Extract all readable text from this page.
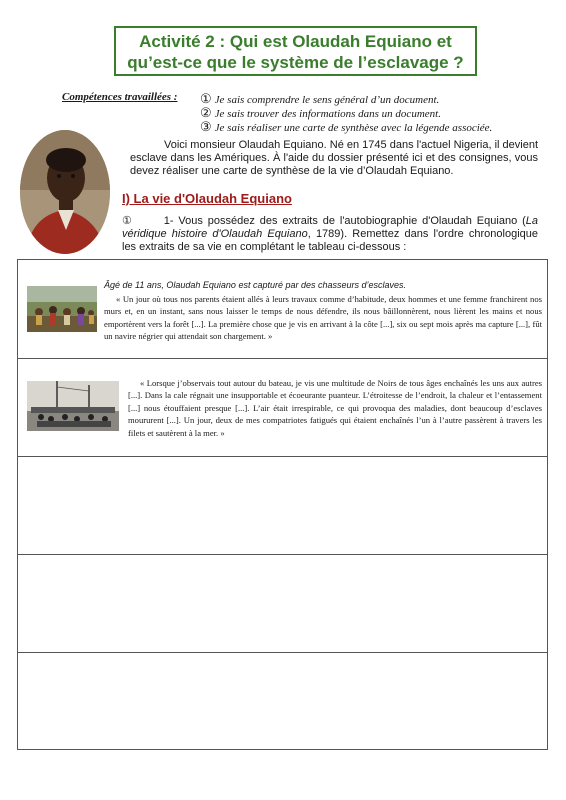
Activité 2 : Qui est Olaudah Equiano et
qu’est-ce que le système de l’esclavage ?
Compétences travaillées : ① Je sais comprendre le sens général d’un document.
② Je sais trouver des informations dans un document.
③ Je sais réaliser une carte de synthèse avec la légende associée.
Voici monsieur Olaudah Equiano. Né en 1745 dans l'actuel Nigeria, il devient esclave dans les Amériques. À l'aide du dossier présenté ici et des consignes, vous devez réaliser une carte de synthèse de la vie d’Olaudah Equiano.
I) La vie d'Olaudah Equiano
①	1- Vous possédez des extraits de l'autobiographie d'Olaudah Equiano (La véridique histoire d'Olaudah Equiano, 1789). Remettez dans l'ordre chronologique les extraits de sa vie en complétant le tableau ci-dessous :
Âgé de 11 ans, Olaudah Equiano est capturé par des chasseurs d’esclaves.
« Un jour où tous nos parents étaient allés à leurs travaux comme d’habitude, deux hommes et une femme franchirent nos murs et, en un instant, sans nous laisser le temps de nous défendre, ils nous bâillonnèrent, nous lièrent les mains et nous emportèrent vers la forêt [...]. La première chose que je vis en arrivant à la côte [...], six ou sept mois après ma capture [...], fût un navire négrier qui attendait son chargement. »
« Lorsque j’observais tout autour du bateau, je vis une multitude de Noirs de tous âges enchaînés les uns aux autres [...]. Dans la cale régnait une insupportable et écoeurante puanteur. L’étroitesse de l’endroit, la chaleur et l’entassement [...] nous étouffaient presque [...]. L’air était irrespirable, ce qui provoqua des maladies, dont beaucoup d’esclaves moururent [...]. Un jour, deux de mes compatriotes fatigués qui étaient enchaînés l’un à l’autre passèrent à travers les filets et sautèrent à la mer. »
